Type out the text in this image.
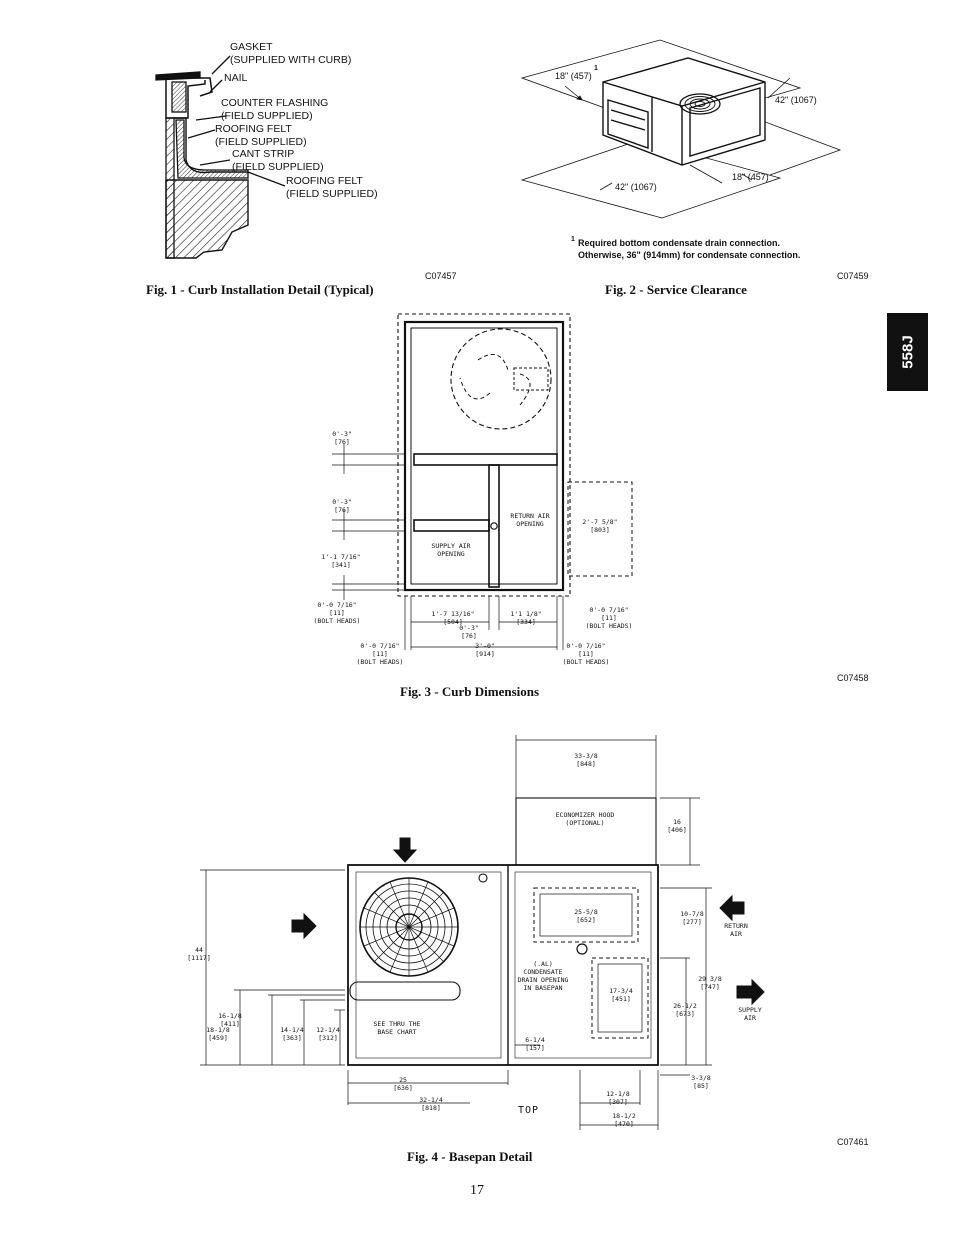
GASKET
(SUPPLIED WITH CURB)
NAIL
COUNTER FLASHING
(FIELD SUPPLIED)
ROOFING FELT
(FIELD SUPPLIED)
CANT STRIP
(FIELD SUPPLIED)
ROOFING FELT
(FIELD SUPPLIED)
C07457
Fig. 1 - Curb Installation Detail (Typical)
18" (457)
1
42" (1067)
42" (1067)
18" (457)
1 Required bottom condensate drain connection.
Otherwise, 36" (914mm) for condensate connection.
C07459
Fig. 2 - Service Clearance
558J
0'-3"
[76]
0'-3"
[76]
1'-1 7/16"
[341]
0'-0 7/16"
[11]
(BOLT HEADS)
RETURN AIR
OPENING
SUPPLY AIR
OPENING
2'-7 5/8"
[803]
1'-7 13/16"
[504]
1'1 1/8"
[334]
0'-3"
[76]
0'-0 7/16"
[11]
(BOLT HEADS)
0'-0 7/16"
[11]
(BOLT HEADS)
3'-0"
[914]
0'-0 7/16"
[11]
(BOLT HEADS)
C07458
Fig. 3 - Curb Dimensions
33-3/8
[848]
ECONOMIZER HOOD
(OPTIONAL)	16
[406]
44
[1117]
25-5/8
[652]
10-7/8
[277]	RETURN
AIR
(.AL)
CONDENSATE
DRAIN OPENING
IN BASEPAN	17-3/4
[451]
29 3/8
[747]
26-1/2
[673]	SUPPLY
AIR
16-1/8
[411]
18-1/8
[459]
14-1/4
[363]
12-1/4
[312]
SEE THRU THE
BASE CHART
6-1/4
[157]
25
[636]
32-1/4
[818]	TOP
12-1/8
[307]
3-3/8
[85]
18-1/2
[470]
C07461
Fig. 4 - Basepan Detail
17
